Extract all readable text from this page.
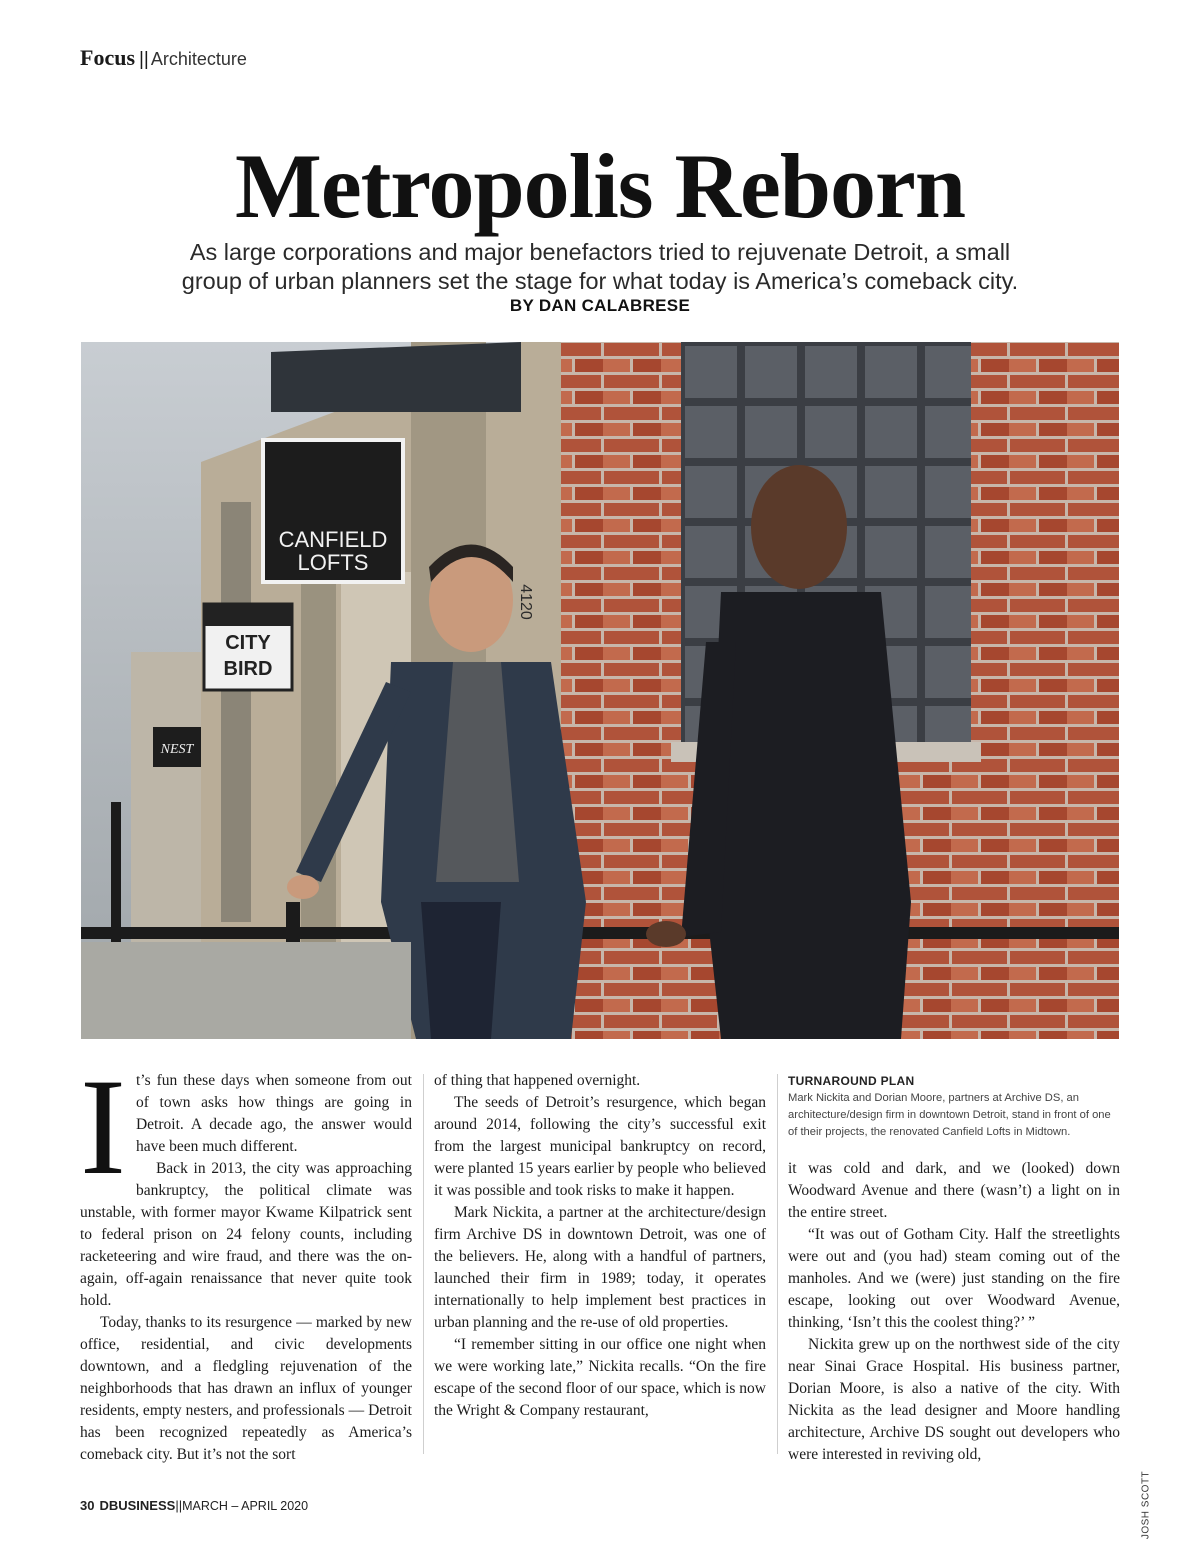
Focus || Architecture
Metropolis Reborn
As large corporations and major benefactors tried to rejuvenate Detroit, a small
group of urban planners set the stage for what today is America’s comeback city.
BY DAN CALABRESE
CANFIELD
LOFTS
CITY
BIRD
NEST
4120

It’s fun these days when someone from out of town asks how things are going in Detroit. A decade ago, the answer would have been much different.

Back in 2013, the city was approaching bankruptcy, the political climate was unstable, with former mayor Kwame Kilpatrick sent to federal prison on 24 felony counts, including racketeering and wire fraud, and there was the on-again, off-again renaissance that never quite took hold.

Today, thanks to its resurgence — marked by new office, residential, and civic developments downtown, and a fledgling rejuvenation of the neighborhoods that has drawn an influx of younger residents, empty nesters, and professionals — Detroit has been recognized repeatedly as America’s comeback city. But it’s not the sort

of thing that happened overnight.

The seeds of Detroit’s resurgence, which began around 2014, following the city’s successful exit from the largest municipal bankruptcy on record, were planted 15 years earlier by people who believed it was possible and took risks to make it happen.

Mark Nickita, a partner at the architecture/design firm Archive DS in downtown Detroit, was one of the believers. He, along with a handful of partners, launched their firm in 1989; today, it operates internationally to help implement best practices in urban planning and the re-use of old properties.

“I remember sitting in our office one night when we were working late,” Nickita recalls. “On the fire escape of the second floor of our space, which is now the Wright & Company restaurant,

TURNAROUND PLAN
Mark Nickita and Dorian Moore, partners at Archive DS, an architecture/design firm in downtown Detroit, stand in front of one of their projects, the renovated Canfield Lofts in Midtown.

it was cold and dark, and we (looked) down Woodward Avenue and there (wasn’t) a light on in the entire street.

“It was out of Gotham City. Half the streetlights were out and (you had) steam coming out of the manholes. And we (were) just standing on the fire escape, looking out over Woodward Avenue, thinking, ‘Isn’t this the coolest thing?’ ”

Nickita grew up on the northwest side of the city near Sinai Grace Hospital. His business partner, Dorian Moore, is also a native of the city. With Nickita as the lead designer and Moore handling architecture, Archive DS sought out developers who were interested in reviving old,

JOSH SCOTT
30 DBUSINESS||MARCH – APRIL 2020
